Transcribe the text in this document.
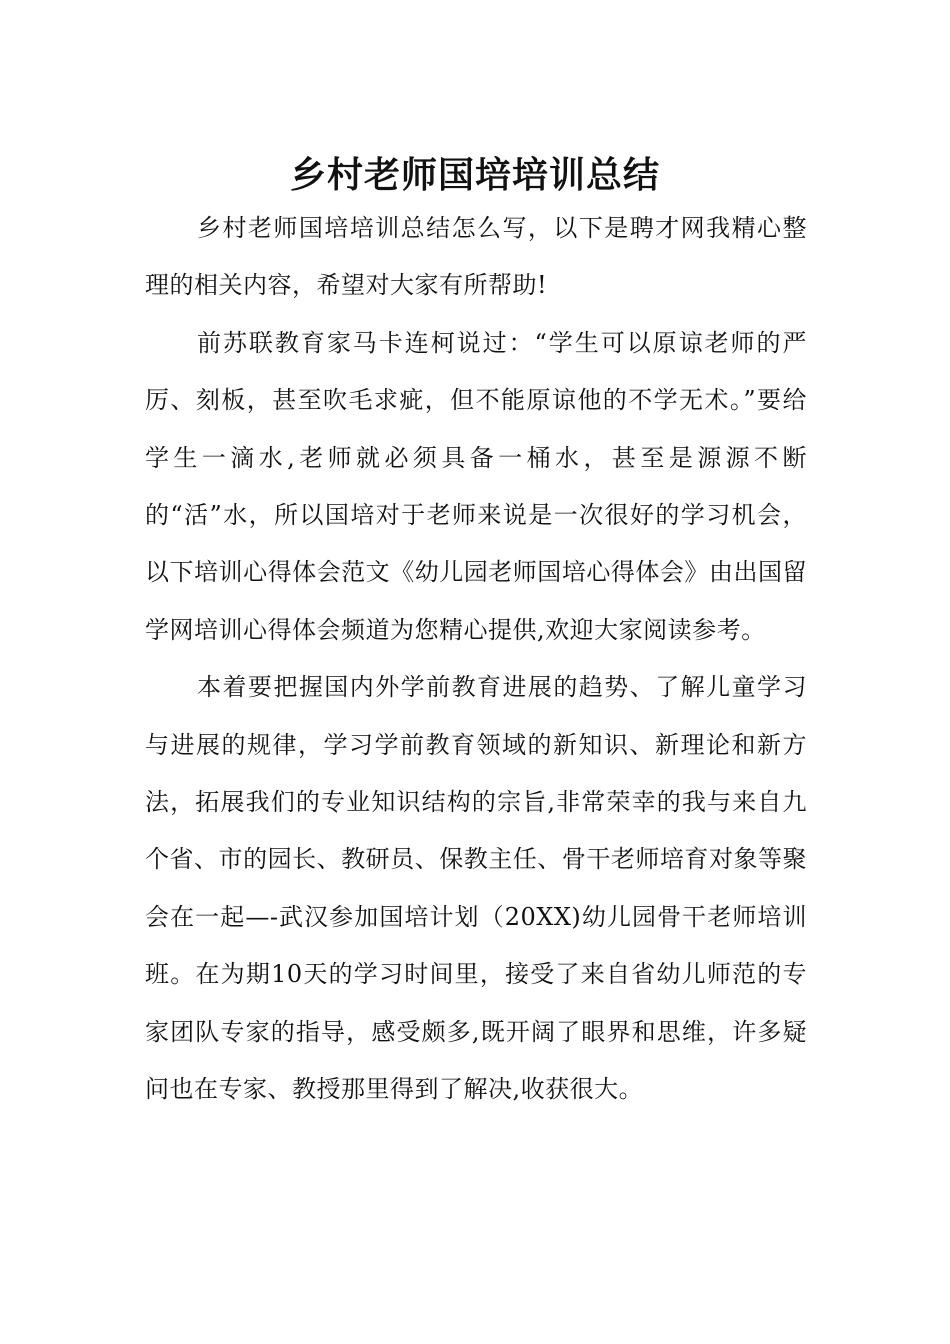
乡村老师国培培训总结

乡村老师国培培训总结怎么写，以下是聘才网我精心整理的相关内容，希望对大家有所帮助!

前苏联教育家马卡连柯说过：“学生可以原谅老师的严厉、刻板，甚至吹毛求疵，但不能原谅他的不学无术。”要给学生一滴水,老师就必须具备一桶水，甚至是源源不断的“活”水，所以国培对于老师来说是一次很好的学习机会，以下培训心得体会范文《幼儿园老师国培心得体会》由出国留学网培训心得体会频道为您精心提供,欢迎大家阅读参考。

本着要把握国内外学前教育进展的趋势、了解儿童学习与进展的规律，学习学前教育领域的新知识、新理论和新方法，拓展我们的专业知识结构的宗旨,非常荣幸的我与来自九个省、市的园长、教研员、保教主任、骨干老师培育对象等聚会在一起—-武汉参加国培计划（20XX)幼儿园骨干老师培训班。在为期10天的学习时间里，接受了来自省幼儿师范的专家团队专家的指导，感受颇多,既开阔了眼界和思维，许多疑问也在专家、教授那里得到了解决,收获很大。
